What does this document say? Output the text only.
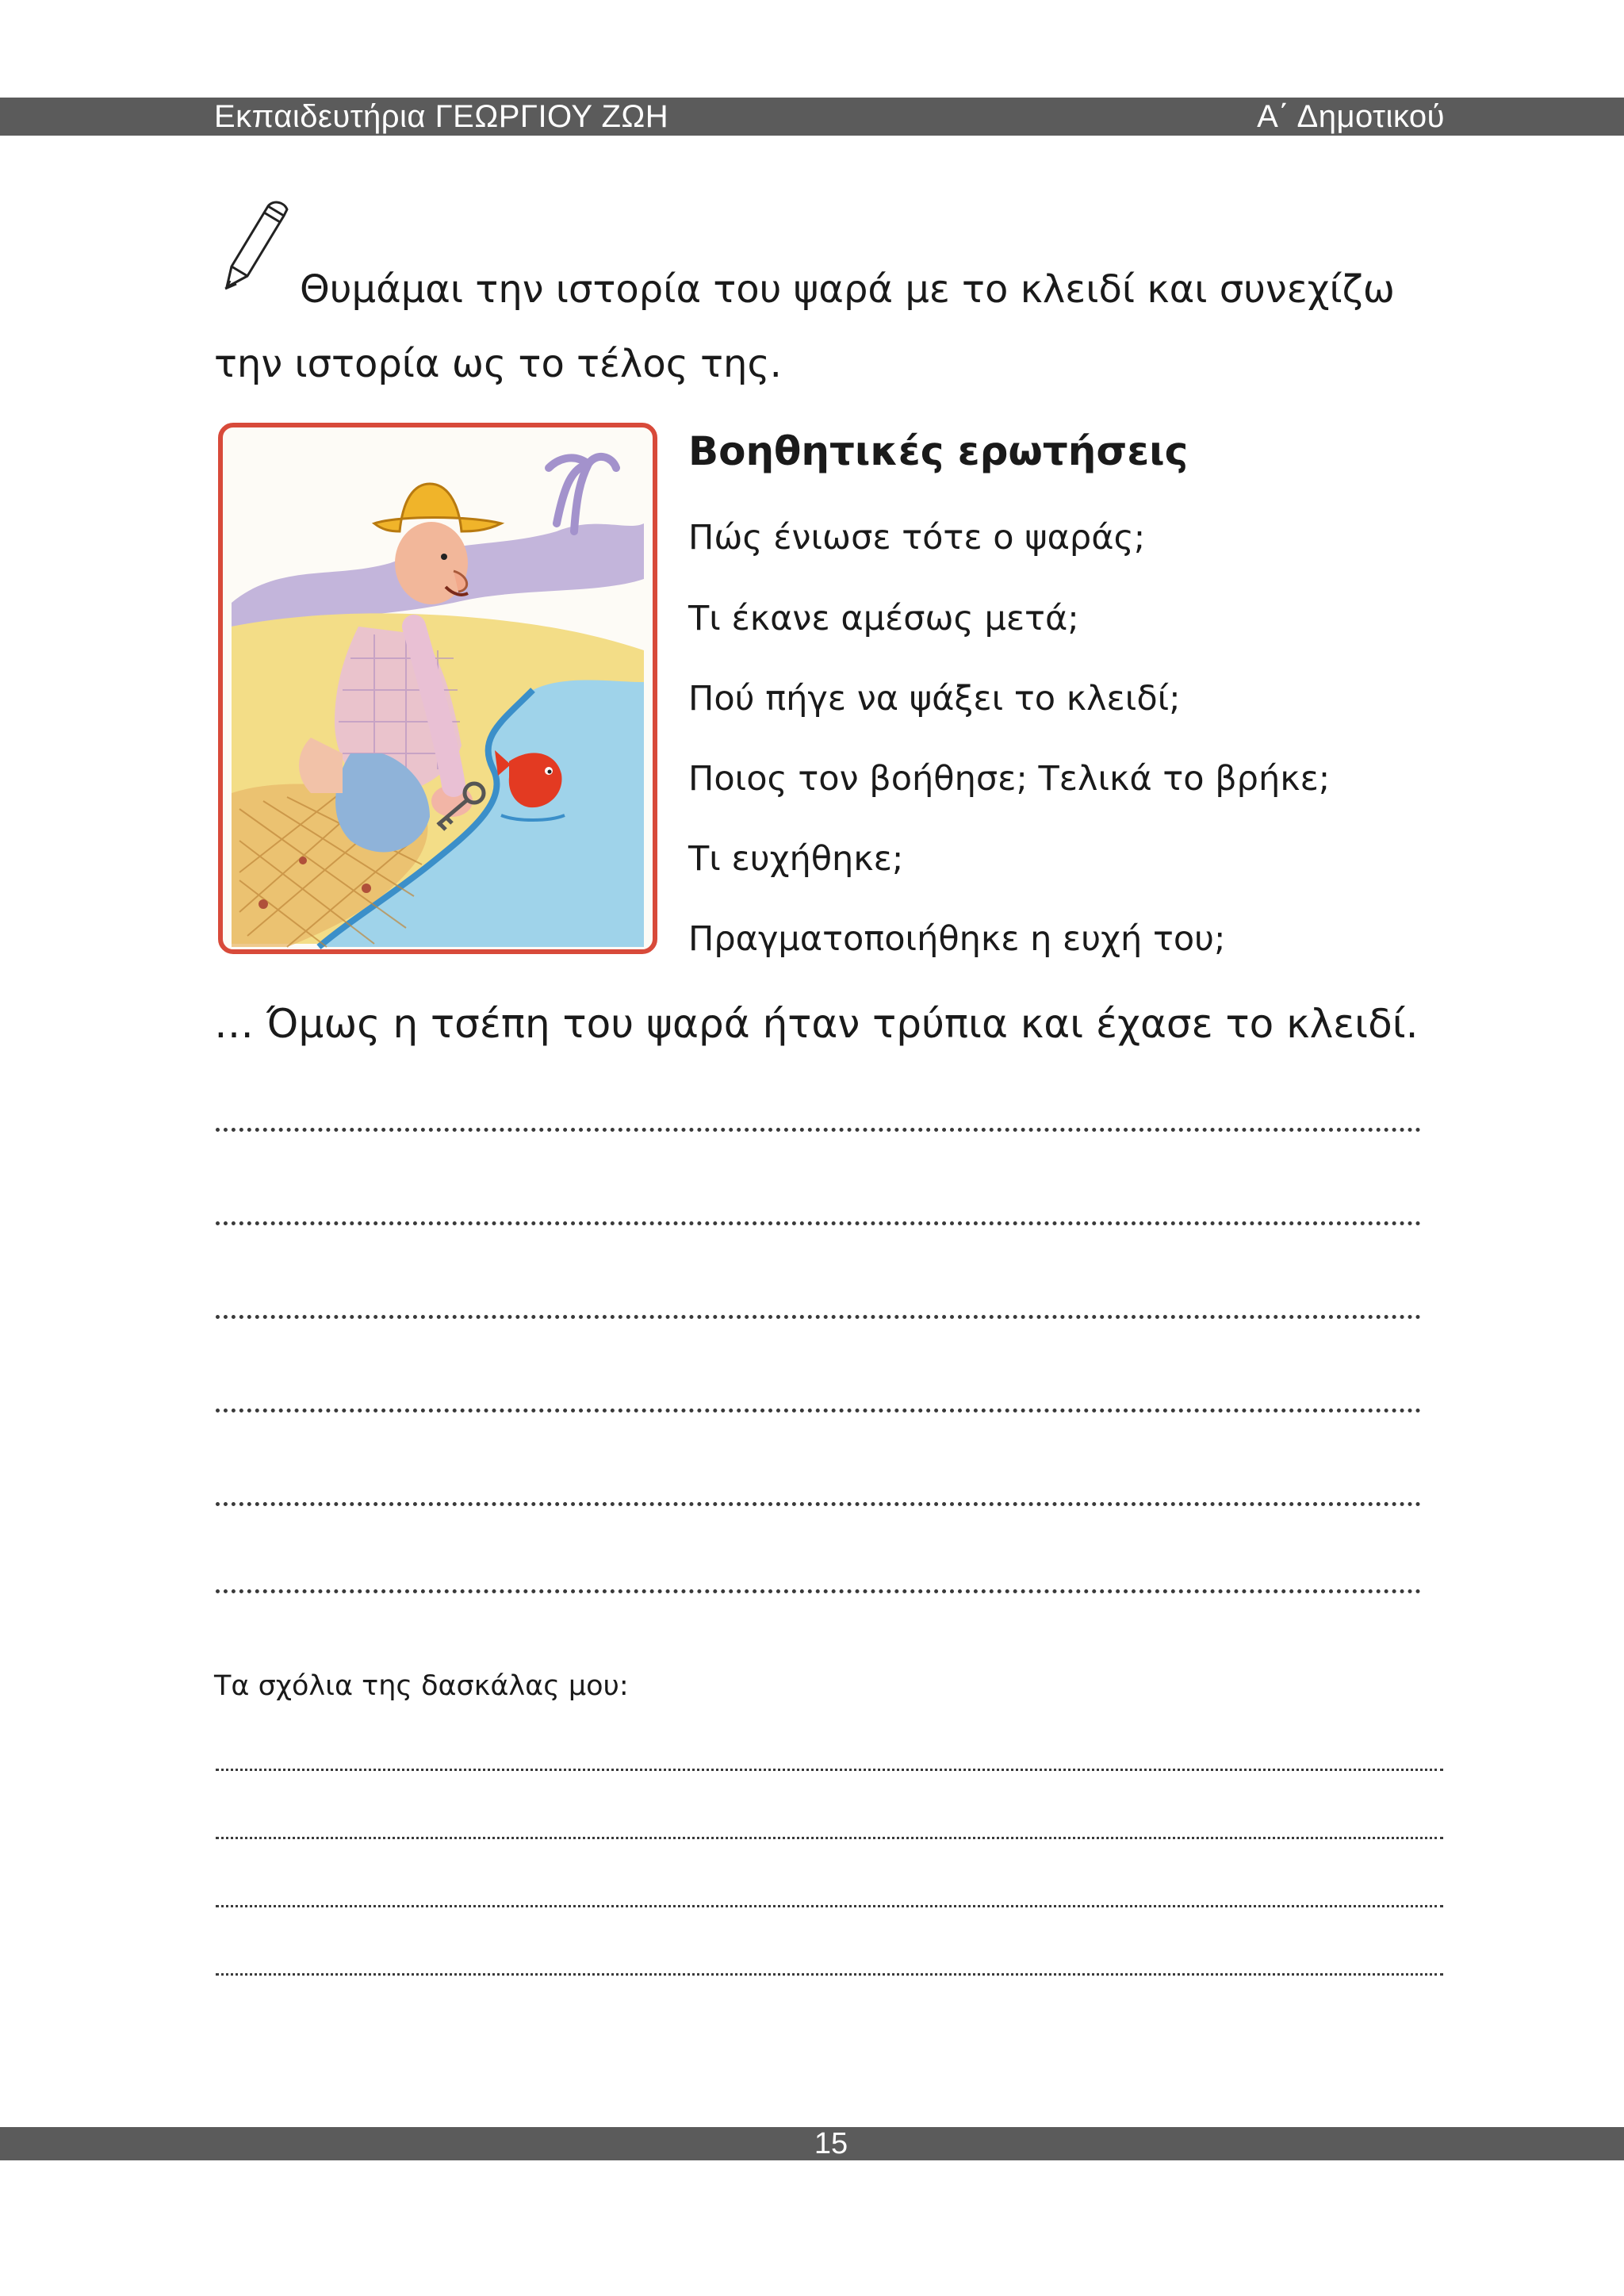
Εκπαιδευτήρια ΓΕΩΡΓΙΟΥ ΖΩΗ	Α΄ Δημοτικού
Θυμάμαι την ιστορία του ψαρά με το κλειδί και συνεχίζω
την ιστορία ως το τέλος της.
Βοηθητικές ερωτήσεις
Πώς ένιωσε τότε ο ψαράς;
Τι έκανε αμέσως μετά;
Πού πήγε να ψάξει το κλειδί;
Ποιος τον βοήθησε; Τελικά το βρήκε;
Τι ευχήθηκε;
Πραγματοποιήθηκε η ευχή του;
… Όμως η τσέπη του ψαρά ήταν τρύπια και έχασε το κλειδί.
Τα σχόλια της δασκάλας μου:
15
